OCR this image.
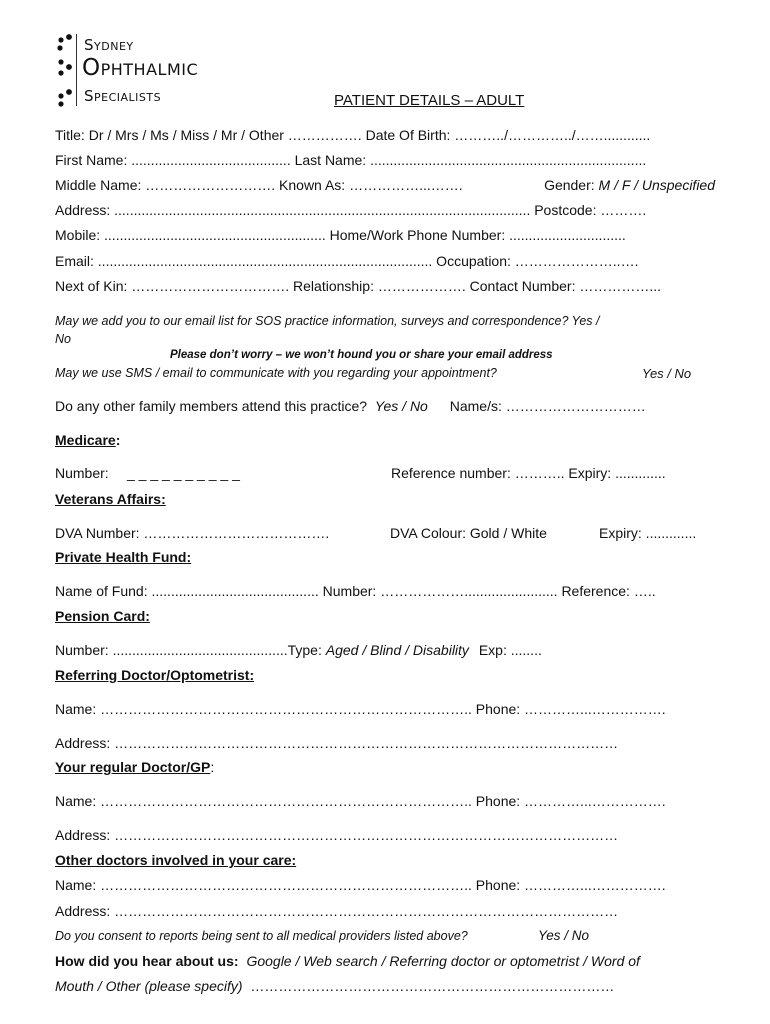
Sydney
Ophthalmic
Specialists	PATIENT DETAILS – ADULT
Title: Dr / Mrs / Ms / Miss / Mr / Other ……………. Date Of Birth: ………../…………../……............
First Name: ......................................... Last Name: .......................................................................
Middle Name: ………………………. Known As: ……………...…….	Gender: M / F / Unspecified
Address: ........................................................................................................... Postcode: ……….
Mobile: ......................................................... Home/Work Phone Number: ..............................
Email: ...................................................................................... Occupation: …………………..….
Next of Kin: ……………………………. Relationship: ………………. Contact Number: ……………...
May we add you to our email list for SOS practice information, surveys and correspondence? Yes /
No
Please don’t worry – we won’t hound you or share your email address
May we use SMS / email to communicate with you regarding your appointment?	Yes / No
Do any other family members attend this practice? Yes / No Name/s: …………………………
Medicare:
Number: _ _ _ _ _ _ _ _ _ _	Reference number: ……….. Expiry: .............
Veterans Affairs:
DVA Number: ………………………………….	DVA Colour: Gold / White	Expiry: .............
Private Health Fund:
Name of Fund: ........................................... Number: ………………........................ Reference: …..
Pension Card:
Number: .............................................Type: Aged / Blind / Disability Exp: ........
Referring Doctor/Optometrist:
Name: …………………………………………………………………….. Phone: …………...…………….
Address: ………………………………………………………………………………………………
Your regular Doctor/GP:
Name: …………………………………………………………………….. Phone: …………...…………….
Address: ………………………………………………………………………………………………
Other doctors involved in your care:
Name: …………………………………………………………………….. Phone: …………...…………….
Address: ………………………………………………………………………………………………
Do you consent to reports being sent to all medical providers listed above?	Yes / No
How did you hear about us: Google / Web search / Referring doctor or optometrist / Word of
Mouth / Other (please specify) ……………………………………………………………………
